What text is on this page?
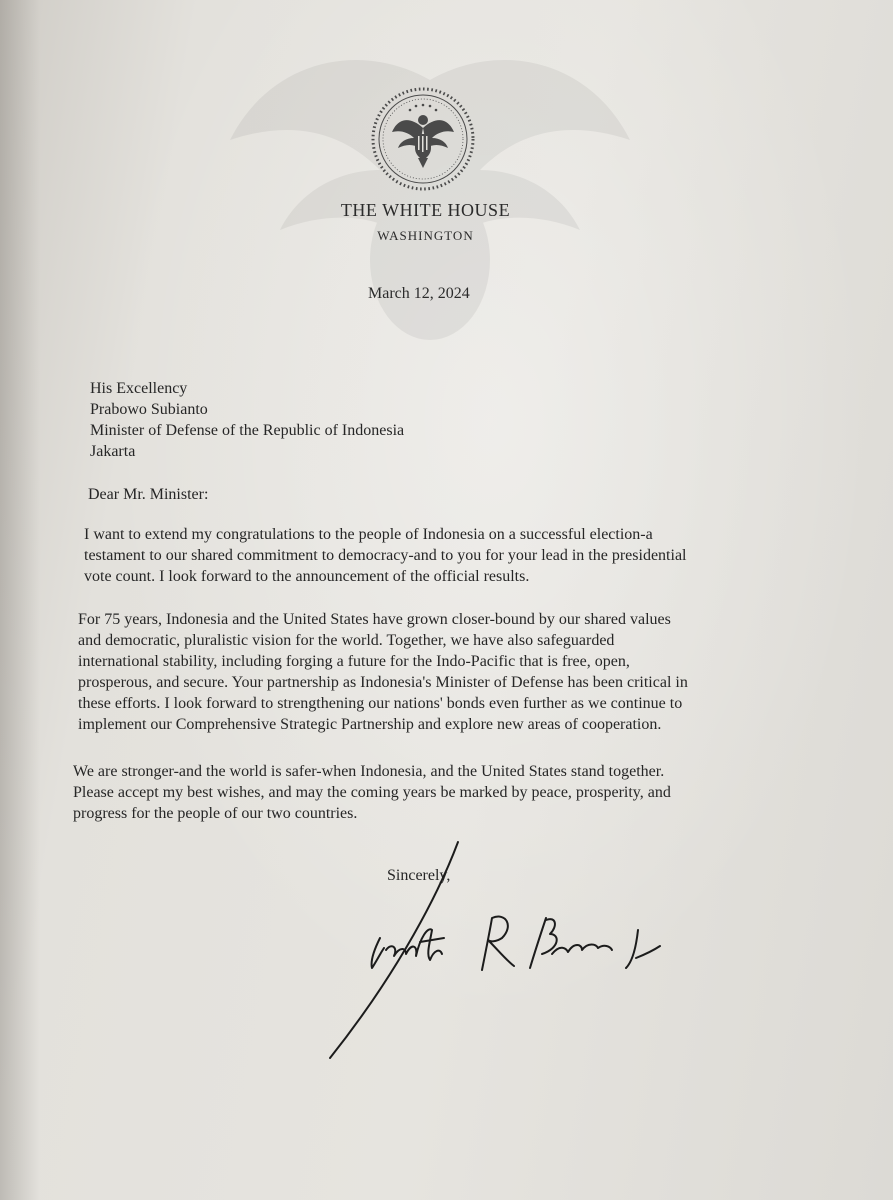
THE WHITE HOUSE
WASHINGTON
March 12, 2024
His Excellency
Prabowo Subianto
Minister of Defense of the Republic of Indonesia
Jakarta
Dear Mr. Minister:
I want to extend my congratulations to the people of Indonesia on a successful election-a
testament to our shared commitment to democracy-and to you for your lead in the presidential
vote count. I look forward to the announcement of the official results.
For 75 years, Indonesia and the United States have grown closer-bound by our shared values
and democratic, pluralistic vision for the world. Together, we have also safeguarded
international stability, including forging a future for the Indo-Pacific that is free, open,
prosperous, and secure. Your partnership as Indonesia's Minister of Defense has been critical in
these efforts. I look forward to strengthening our nations' bonds even further as we continue to
implement our Comprehensive Strategic Partnership and explore new areas of cooperation.
We are stronger-and the world is safer-when Indonesia, and the United States stand together.
Please accept my best wishes, and may the coming years be marked by peace, prosperity, and
progress for the people of our two countries.
Sincerely,
